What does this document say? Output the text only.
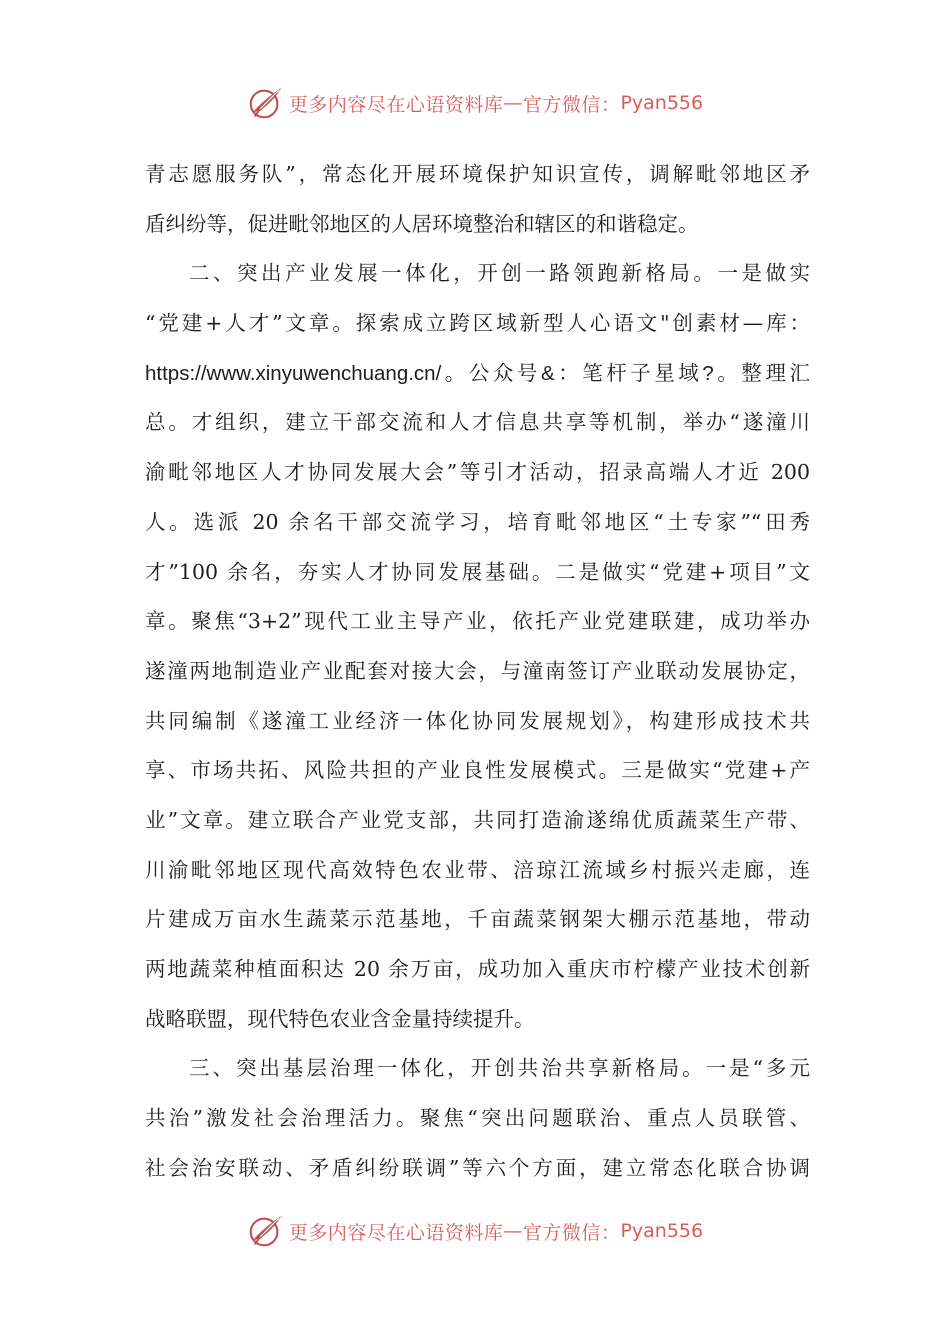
更多内容尽在心语资料库 — 官方微信： Pyan556
青志愿服务队”，常态化开展环境保护知识宣传，调解毗邻地区矛
盾纠纷等，促进毗邻地区的人居环境整治和辖区的和谐稳定。
二、突出产业发展一体化，开创一路领跑新格局。一是做实
“党建+人才”文章。探索成立跨区域新型人心语文"创素材—库：
https://www.xinyuwenchuang.cn/。公众号&：笔杆子星域?。整理汇
总。才组织，建立干部交流和人才信息共享等机制，举办“遂潼川
渝毗邻地区人才协同发展大会”等引才活动，招录高端人才近 200
人。选派 20 余名干部交流学习，培育毗邻地区“土专家”“田秀
才”100 余名，夯实人才协同发展基础。二是做实“党建+项目”文
章。聚焦“3+2”现代工业主导产业，依托产业党建联建，成功举办
遂潼两地制造业产业配套对接大会，与潼南签订产业联动发展协定，
共同编制《遂潼工业经济一体化协同发展规划》，构建形成技术共
享、市场共拓、风险共担的产业良性发展模式。三是做实“党建+产
业”文章。建立联合产业党支部，共同打造渝遂绵优质蔬菜生产带、
川渝毗邻地区现代高效特色农业带、涪琼江流域乡村振兴走廊，连
片建成万亩水生蔬菜示范基地，千亩蔬菜钢架大棚示范基地，带动
两地蔬菜种植面积达 20 余万亩，成功加入重庆市柠檬产业技术创新
战略联盟，现代特色农业含金量持续提升。
三、突出基层治理一体化，开创共治共享新格局。一是“多元
共治”激发社会治理活力。聚焦“突出问题联治、重点人员联管、
社会治安联动、矛盾纠纷联调”等六个方面，建立常态化联合协调
更多内容尽在心语资料库 — 官方微信： Pyan556
